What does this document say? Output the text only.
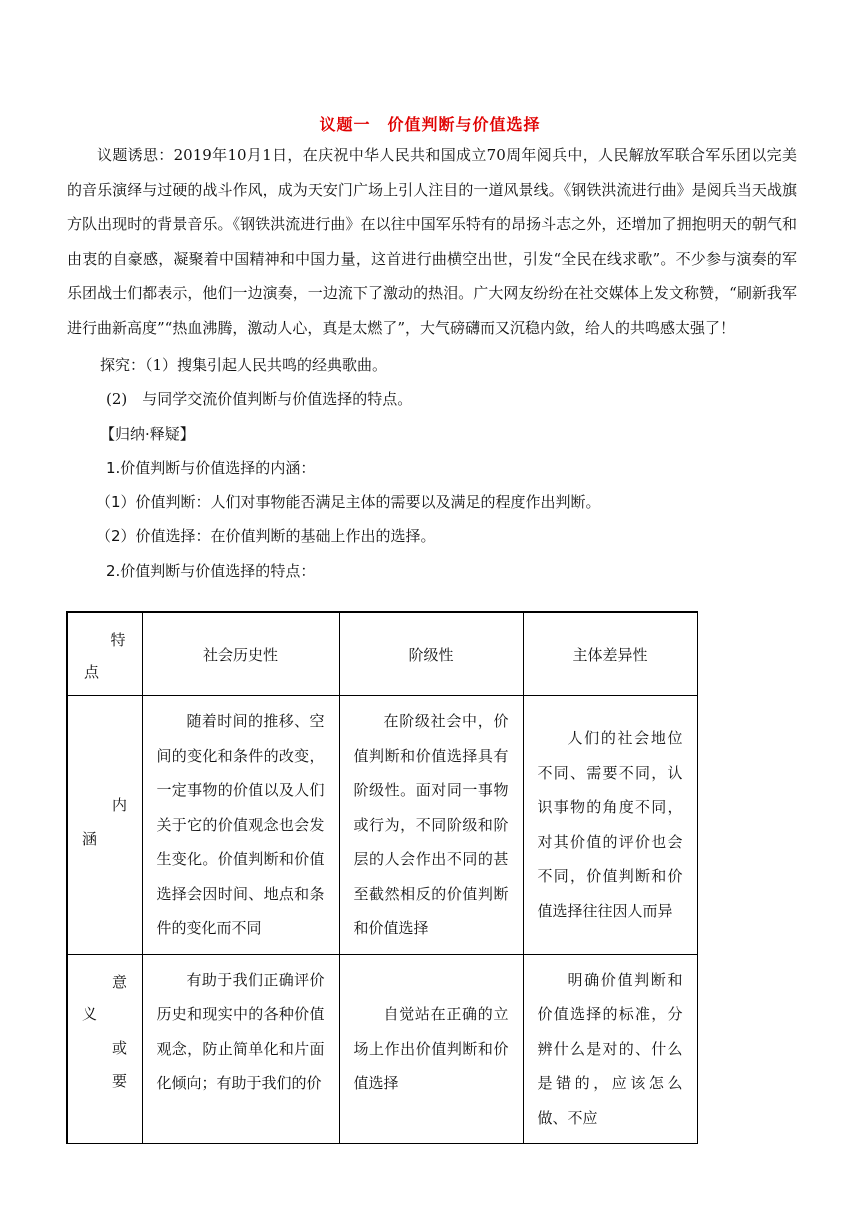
议题一　价值判断与价值选择

议题诱思：2019年10月1日，在庆祝中华人民共和国成立70周年阅兵中，人民解放军联合军乐团以完美的音乐演绎与过硬的战斗作风，成为天安门广场上引人注目的一道风景线。《钢铁洪流进行曲》是阅兵当天战旗方队出现时的背景音乐。《钢铁洪流进行曲》在以往中国军乐特有的昂扬斗志之外，还增加了拥抱明天的朝气和由衷的自豪感，凝聚着中国精神和中国力量，这首进行曲横空出世，引发“全民在线求歌”。不少参与演奏的军乐团战士们都表示，他们一边演奏，一边流下了激动的热泪。广大网友纷纷在社交媒体上发文称赞，“刷新我军进行曲新高度”“热血沸腾，激动人心，真是太燃了”，大气磅礴而又沉稳内敛，给人的共鸣感太强了！

探究：（1）搜集引起人民共鸣的经典歌曲。
(2)　与同学交流价值判断与价值选择的特点。
【归纳·释疑】
1.价值判断与价值选择的内涵：
（1）价值判断：人们对事物能否满足主体的需要以及满足的程度作出判断。
（2）价值选择：在价值判断的基础上作出的选择。
2.价值判断与价值选择的特点：
特
点	社会历史性	阶级性	主体差异性

内
涵	随着时间的推移、空间的变化和条件的改变，一定事物的价值以及人们关于它的价值观念也会发生变化。价值判断和价值选择会因时间、地点和条件的变化而不同	在阶级社会中，价值判断和价值选择具有阶级性。面对同一事物或行为，不同阶级和阶层的人会作出不同的甚至截然相反的价值判断和价值选择	人们的社会地位不同、需要不同，认识事物的角度不同，对其价值的评价也会不同，价值判断和价值选择往往因人而异

意
义
或
要	有助于我们正确评价历史和现实中的各种价值观念，防止简单化和片面化倾向；有助于我们的价	自觉站在正确的立场上作出价值判断和价值选择	明确价值判断和价值选择的标准，分辨什么是对的、什么是错的，应该怎么做、不应
